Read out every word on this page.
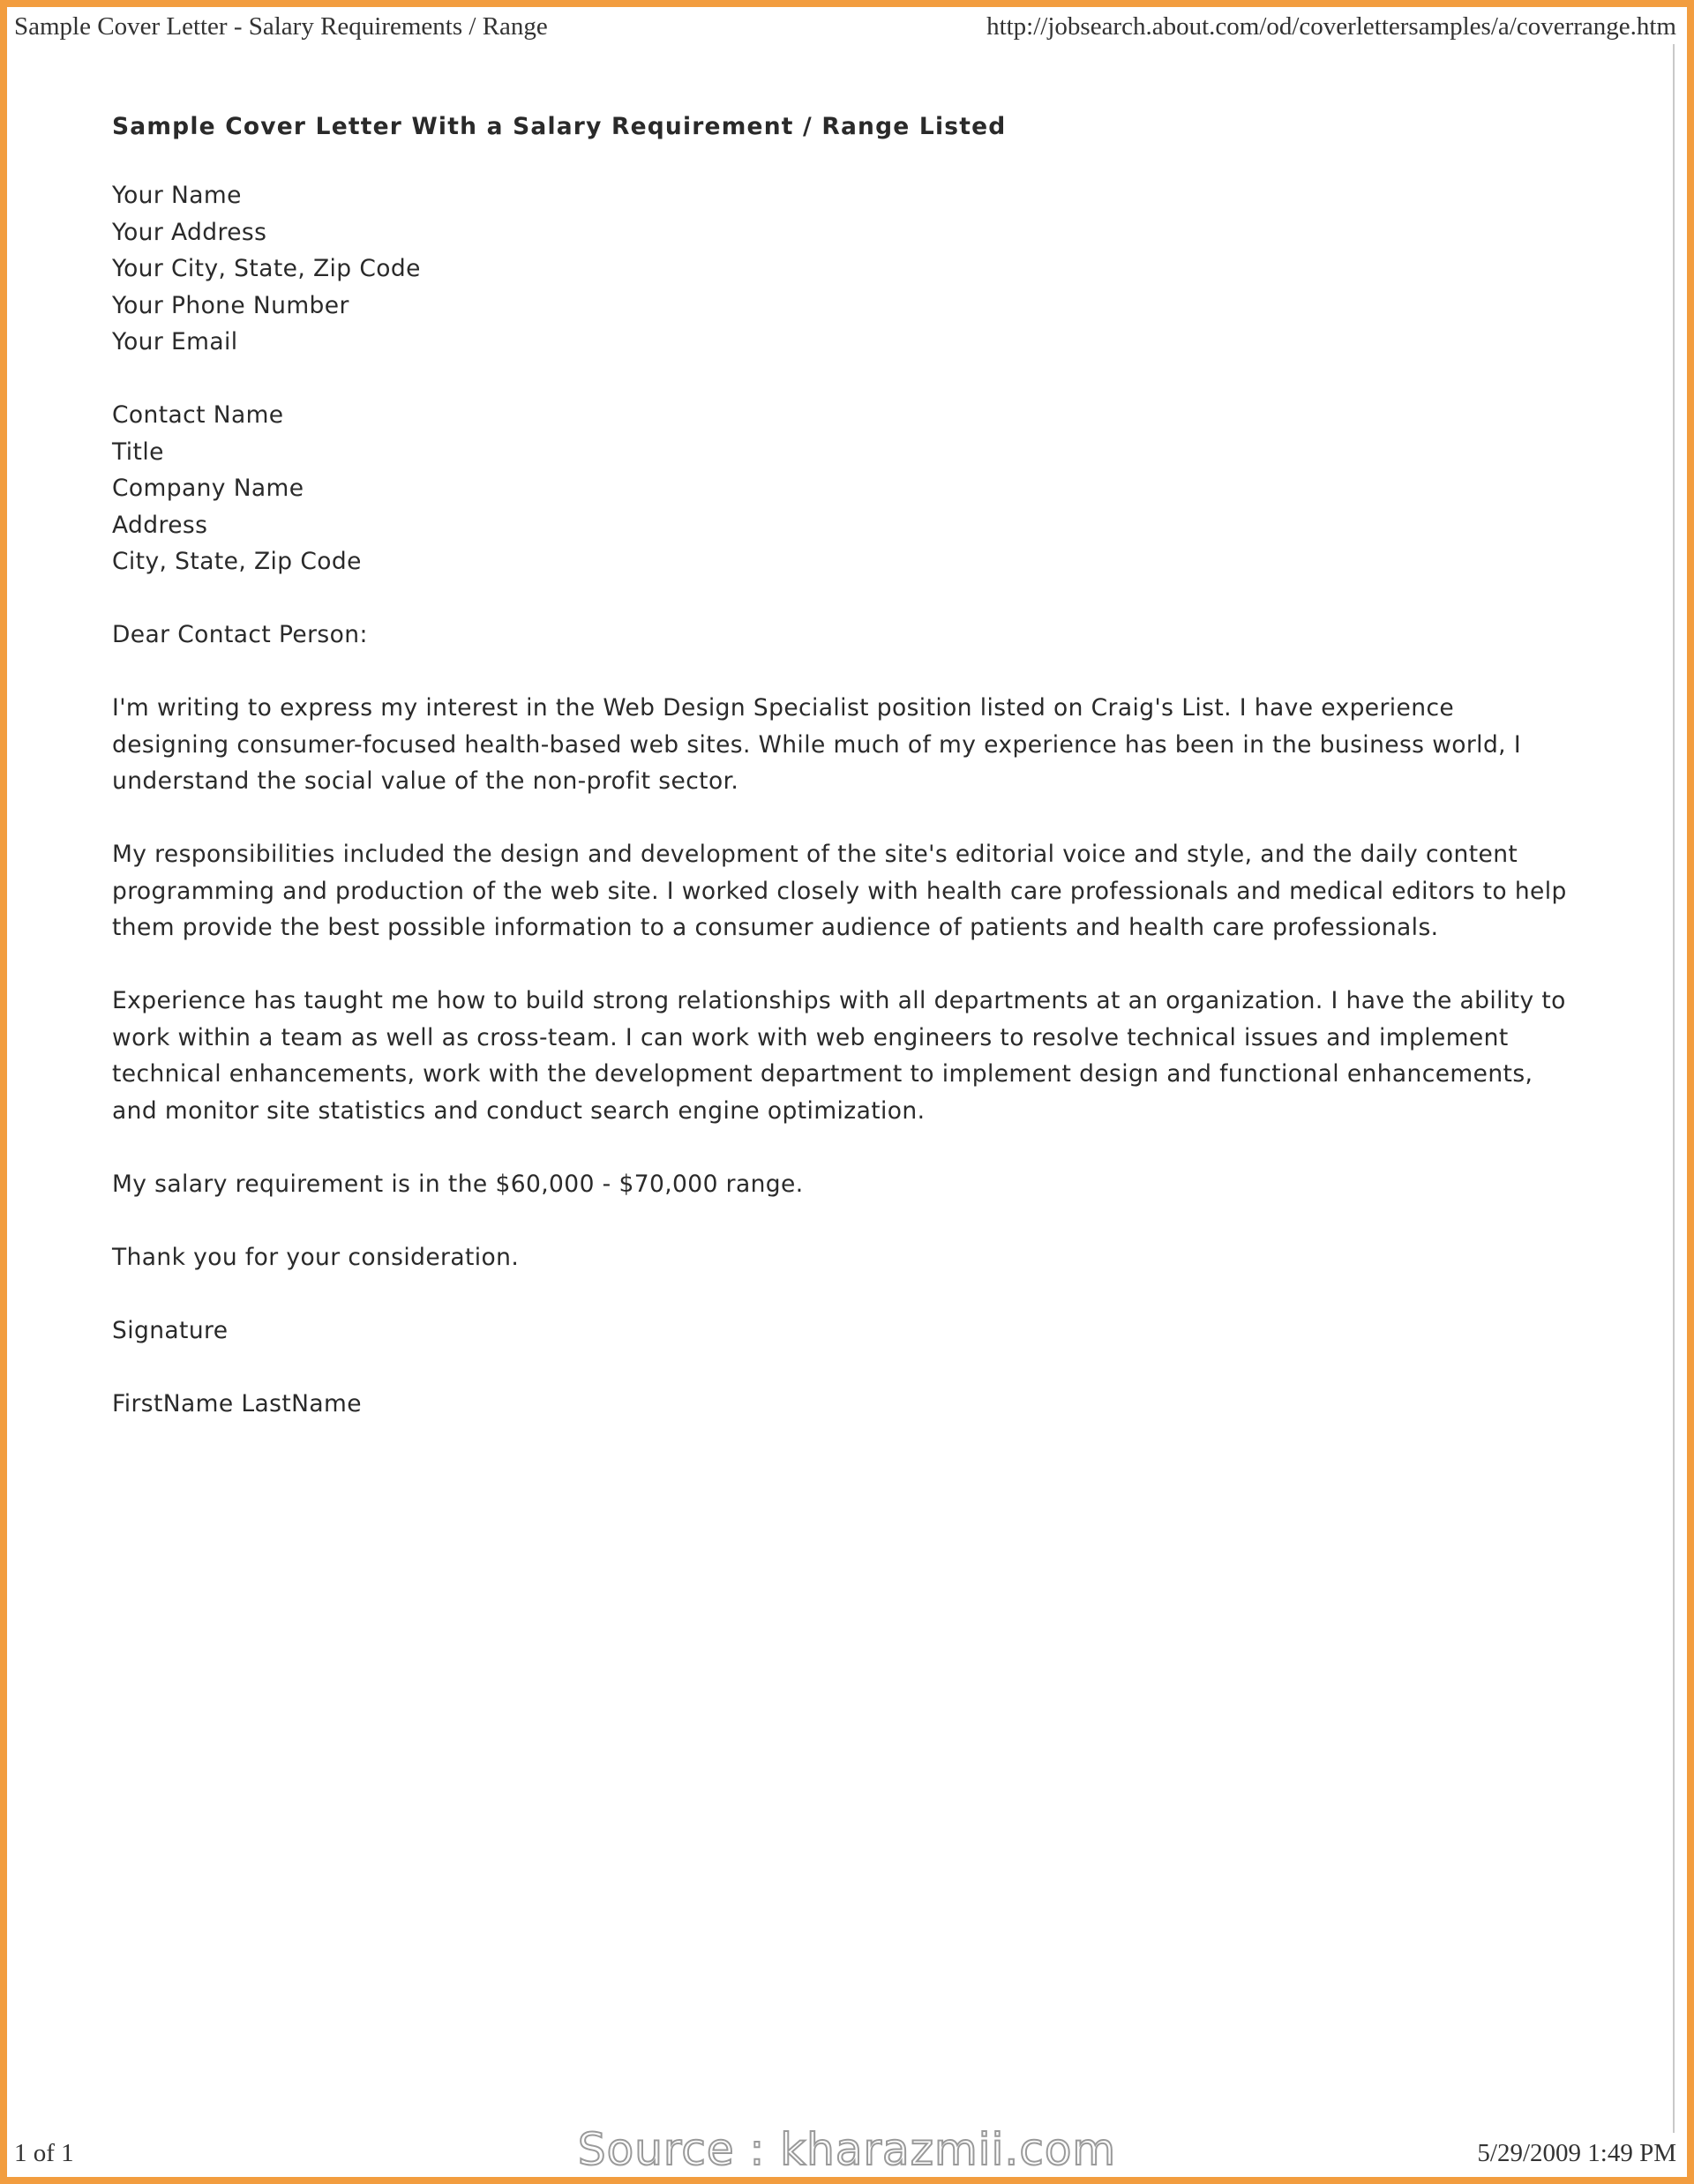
Sample Cover Letter - Salary Requirements / Range	http://jobsearch.about.com/od/coverlettersamples/a/coverrange.htm
Sample Cover Letter With a Salary Requirement / Range Listed
Your Name
Your Address
Your City, State, Zip Code
Your Phone Number
Your Email
Contact Name
Title
Company Name
Address
City, State, Zip Code

Dear Contact Person:

I'm writing to express my interest in the Web Design Specialist position listed on Craig's List. I have experience designing consumer-focused health-based web sites. While much of my experience has been in the business world, I understand the social value of the non-profit sector.

My responsibilities included the design and development of the site's editorial voice and style, and the daily content programming and production of the web site. I worked closely with health care professionals and medical editors to help them provide the best possible information to a consumer audience of patients and health care professionals.

Experience has taught me how to build strong relationships with all departments at an organization. I have the ability to work within a team as well as cross-team. I can work with web engineers to resolve technical issues and implement technical enhancements, work with the development department to implement design and functional enhancements, and monitor site statistics and conduct search engine optimization.

My salary requirement is in the $60,000 - $70,000 range.

Thank you for your consideration.

Signature

FirstName LastName

1 of 1	5/29/2009 1:49 PM
Source : kharazmii.com
